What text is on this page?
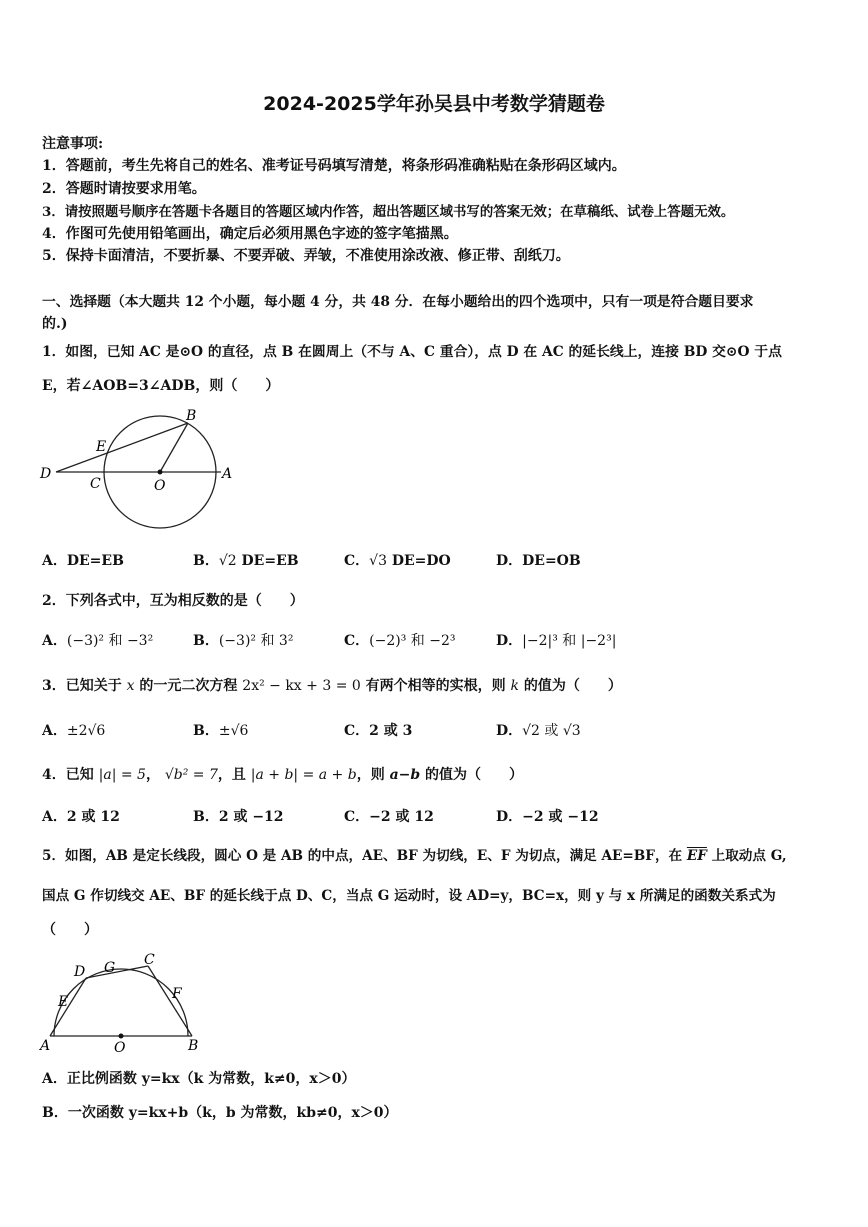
2024-2025学年孙吴县中考数学猜题卷
注意事项:
1．答题前，考生先将自己的姓名、准考证号码填写清楚，将条形码准确粘贴在条形码区域内。
2．答题时请按要求用笔。
3．请按照题号顺序在答题卡各题目的答题区域内作答，超出答题区域书写的答案无效；在草稿纸、试卷上答题无效。
4．作图可先使用铅笔画出，确定后必须用黑色字迹的签字笔描黑。
5．保持卡面清洁，不要折暴、不要弄破、弄皱，不准使用涂改液、修正带、刮纸刀。
一、选择题（本大题共 12 个小题，每小题 4 分，共 48 分．在每小题给出的四个选项中，只有一项是符合题目要求
的.)
1．如图，已知 AC 是⊙O 的直径，点 B 在圆周上（不与 A、C 重合），点 D 在 AC 的延长线上，连接 BD 交⊙O 于点
E，若∠AOB=3∠ADB，则（　　）
B
E
D
C	O
A
A．DE=EB	B．√2 DE=EB	C．√3 DE=DO	D．DE=OB
2．下列各式中，互为相反数的是（　　）
A．(−3)² 和 −3²	B．(−3)² 和 3²	C．(−2)³ 和 −2³	D．|−2|³ 和 |−2³|
3．已知关于 x 的一元二次方程 2x² − kx + 3 = 0 有两个相等的实根，则 k 的值为（　　）
A．±2√6	B．±√6	C．2 或 3	D．√2 或 √3
4．已知 |a| = 5， √b² = 7，且 |a + b| = a + b，则 a−b 的值为（　　）
A．2 或 12	B．2 或 −12	C．−2 或 12	D．−2 或 −12
5．如图，AB 是定长线段，圆心 O 是 AB 的中点，AE、BF 为切线，E、F 为切点，满足 AE=BF，在 $\overline{EF}$ 上取动点 G,
国点 G 作切线交 AE、BF 的延长线于点 D、C，当点 G 运动时，设 AD=y，BC=x，则 y 与 x 所满足的函数关系式为
（　　）
D G C
E	F
A	O	B
A．正比例函数 y=kx（k 为常数，k≠0，x＞0）
B．一次函数 y=kx+b（k，b 为常数，kb≠0，x＞0）
